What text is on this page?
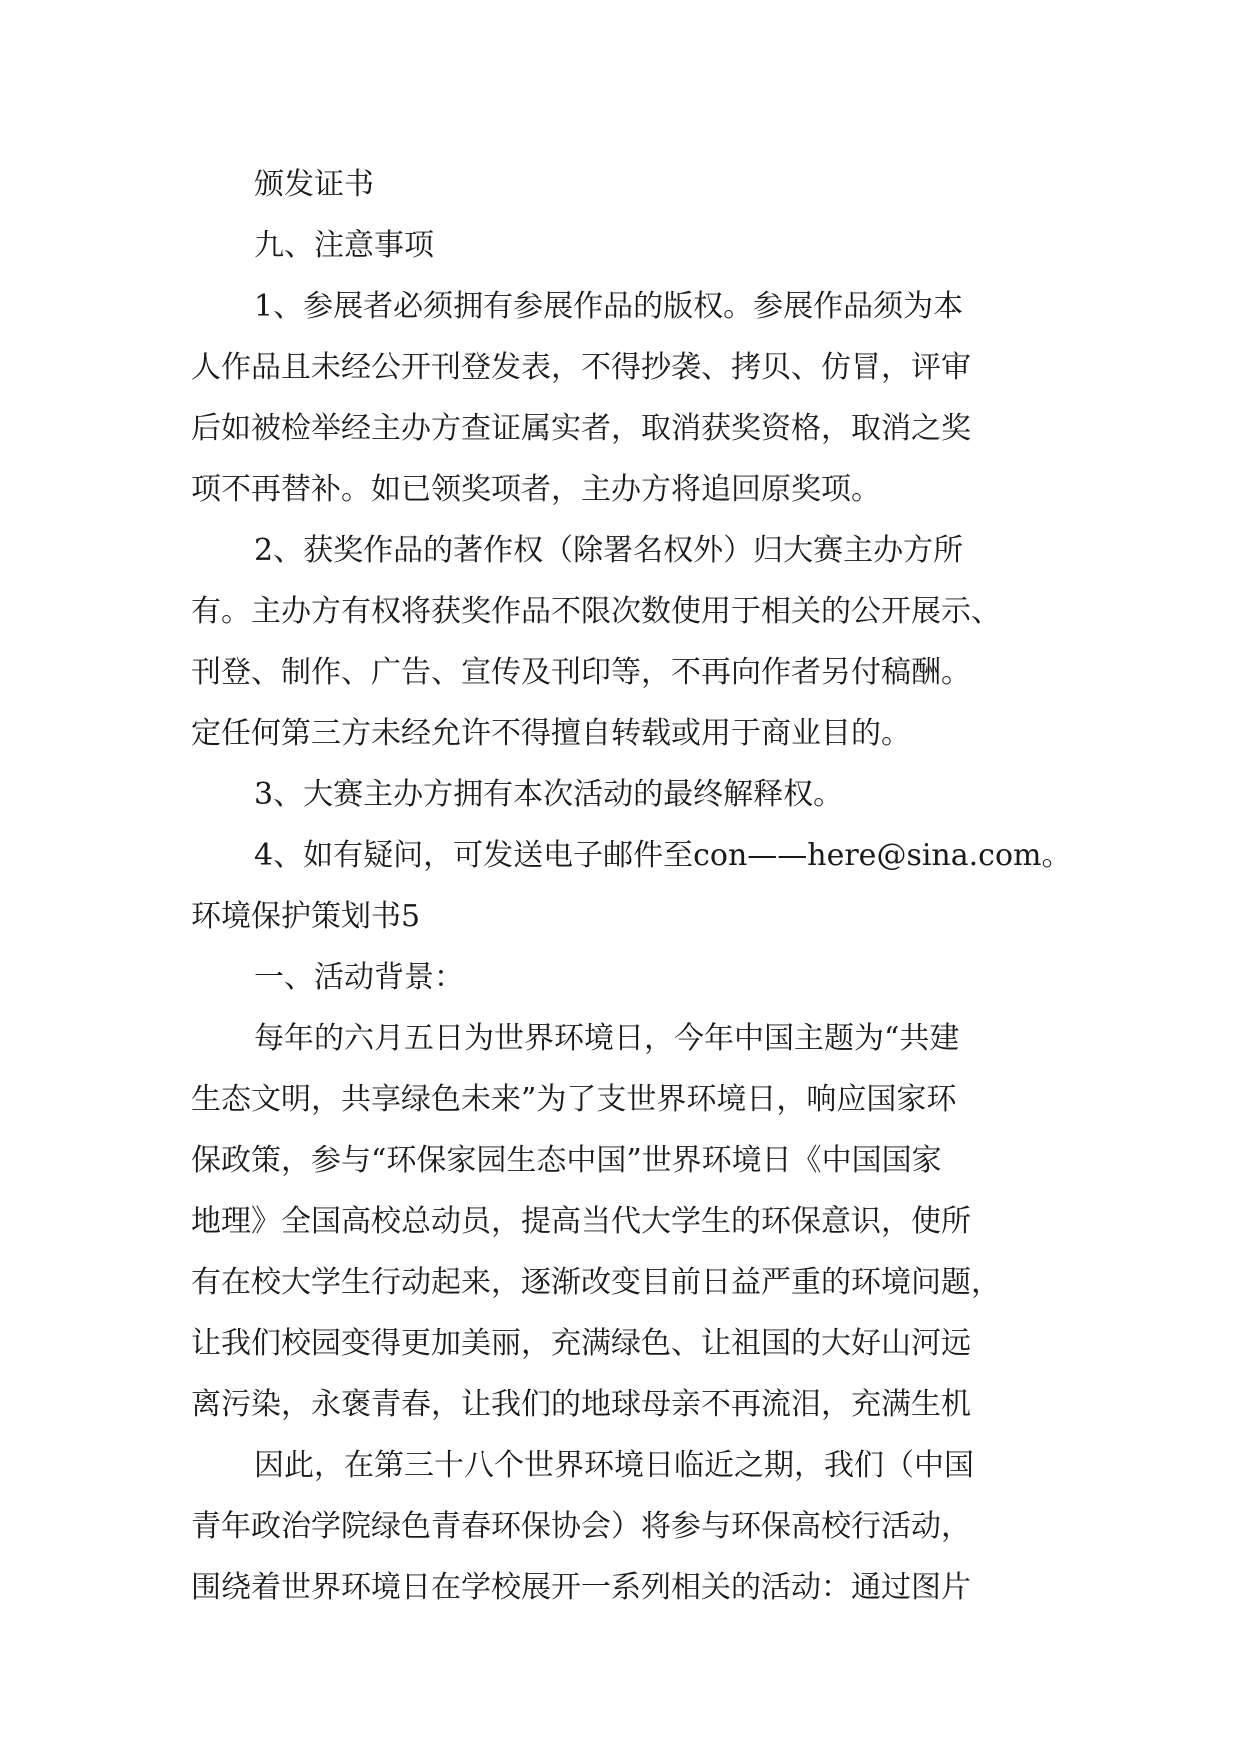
颁发证书
九、注意事项
1、参展者必须拥有参展作品的版权。参展作品须为本
人作品且未经公开刊登发表，不得抄袭、拷贝、仿冒，评审
后如被检举经主办方查证属实者，取消获奖资格，取消之奖
项不再替补。如已领奖项者，主办方将追回原奖项。
2、获奖作品的著作权（除署名权外）归大赛主办方所
有。主办方有权将获奖作品不限次数使用于相关的公开展示、
刊登、制作、广告、宣传及刊印等，不再向作者另付稿酬。
定任何第三方未经允许不得擅自转载或用于商业目的。
3、大赛主办方拥有本次活动的最终解释权。
4、如有疑问，可发送电子邮件至con——here@sina.com。
环境保护策划书5
一、活动背景：
每年的六月五日为世界环境日，今年中国主题为“共建
生态文明，共享绿色未来”为了支世界环境日，响应国家环
保政策，参与“环保家园生态中国”世界环境日《中国国家
地理》全国高校总动员，提高当代大学生的环保意识，使所
有在校大学生行动起来，逐渐改变目前日益严重的环境问题，
让我们校园变得更加美丽，充满绿色、让祖国的大好山河远
离污染，永褒青春，让我们的地球母亲不再流泪，充满生机
因此，在第三十八个世界环境日临近之期，我们（中国
青年政治学院绿色青春环保协会）将参与环保高校行活动，
围绕着世界环境日在学校展开一系列相关的活动：通过图片
